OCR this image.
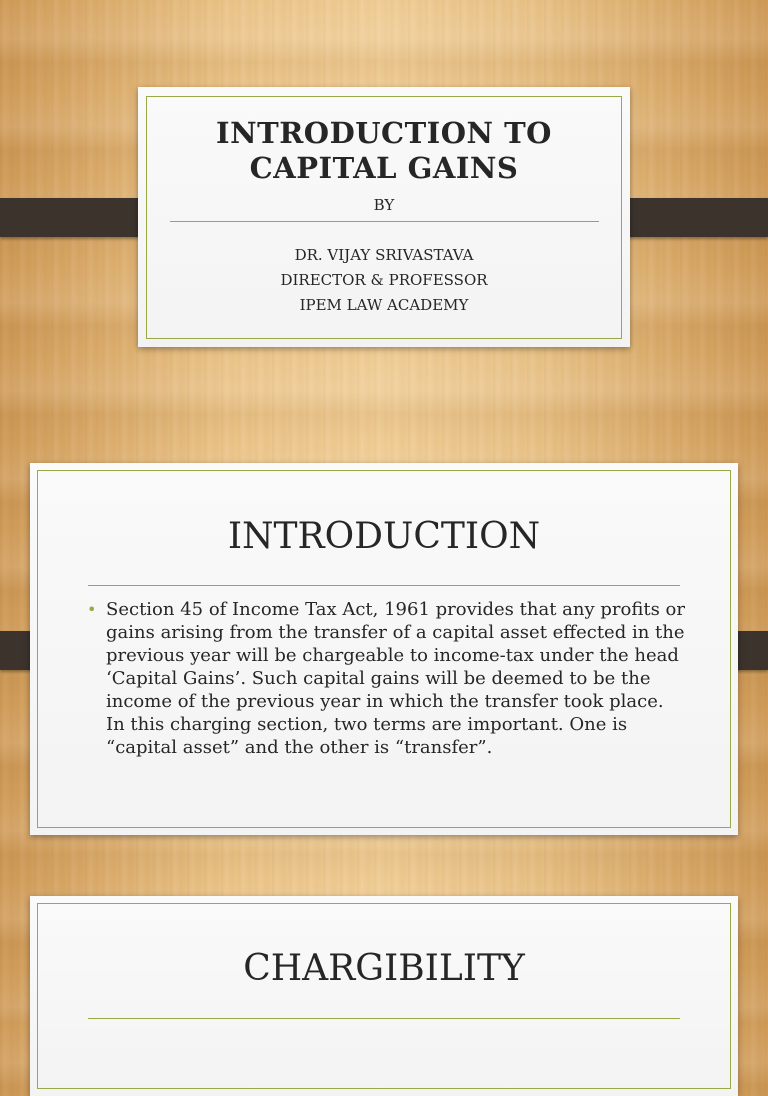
INTRODUCTION TO
CAPITAL GAINS
BY
DR. VIJAY SRIVASTAVA
DIRECTOR & PROFESSOR
IPEM LAW ACADEMY
INTRODUCTION
Section 45 of Income Tax Act, 1961 provides that any profits or gains arising from the transfer of a capital asset effected in the previous year will be chargeable to income-tax under the head ‘Capital Gains’. Such capital gains will be deemed to be the income of the previous year in which the transfer took place. In this charging section, two terms are important. One is “capital asset” and the other is “transfer”.
CHARGIBILITY
